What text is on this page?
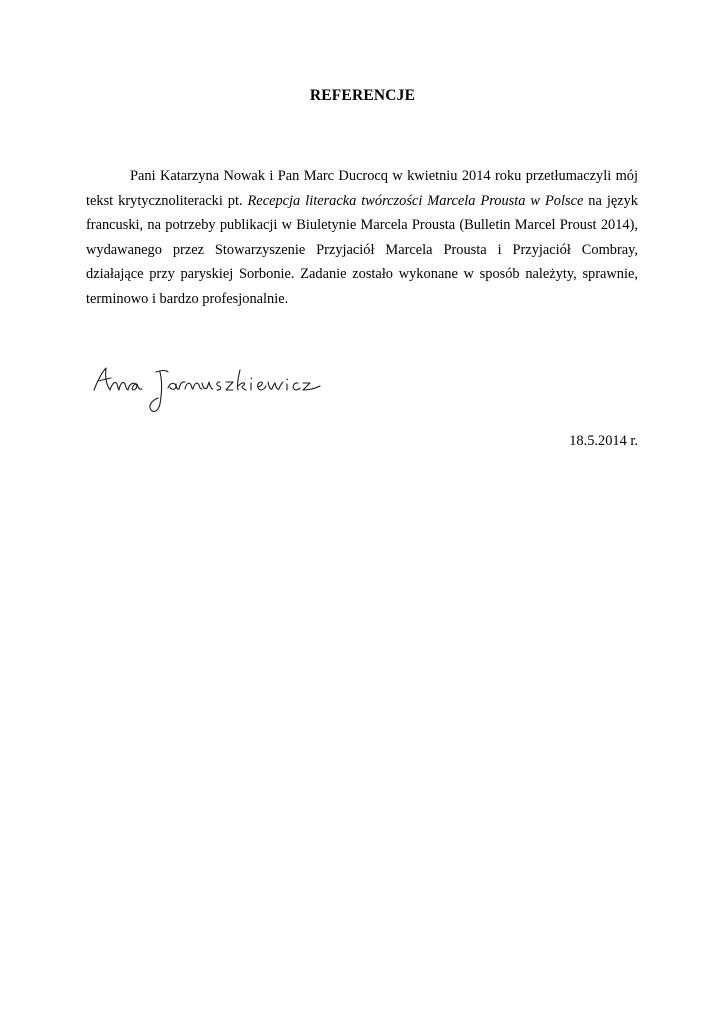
REFERENCJE

Pani Katarzyna Nowak i Pan Marc Ducrocq w kwietniu 2014 roku przetłumaczyli mój tekst krytycznoliteracki pt. Recepcja literacka twórczości Marcela Prousta w Polsce na język francuski, na potrzeby publikacji w Biuletynie Marcela Prousta (Bulletin Marcel Proust 2014), wydawanego przez Stowarzyszenie Przyjaciół Marcela Prousta i Przyjaciół Combray, działające przy paryskiej Sorbonie. Zadanie zostało wykonane w sposób należyty, sprawnie, terminowo i bardzo profesjonalnie.

18.5.2014 r.
